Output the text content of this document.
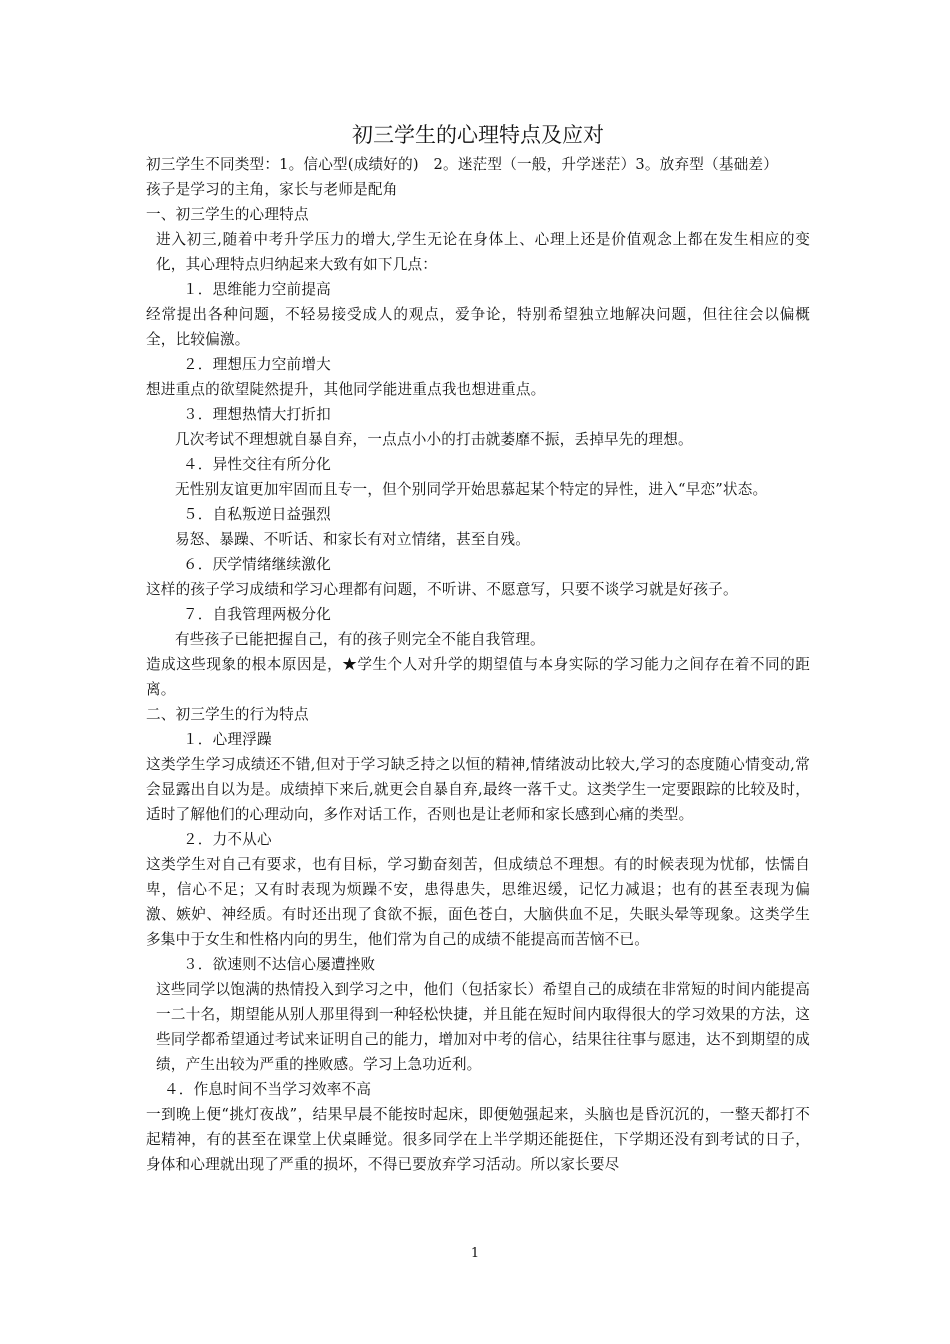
初三学生的心理特点及应对
初三学生不同类型：1。信心型(成绩好的)　2。迷茫型（一般，升学迷茫）3。放弃型（基础差）
孩子是学习的主角，家长与老师是配角
一、初三学生的心理特点
进入初三,随着中考升学压力的增大,学生无论在身体上、心理上还是价值观念上都在发生相应的变化，其心理特点归纳起来大致有如下几点：
１．思维能力空前提高
经常提出各种问题，不轻易接受成人的观点，爱争论，特别希望独立地解决问题，但往往会以偏概全，比较偏激。
２．理想压力空前增大
想进重点的欲望陡然提升，其他同学能进重点我也想进重点。
３．理想热情大打折扣
几次考试不理想就自暴自弃，一点点小小的打击就萎靡不振，丢掉早先的理想。
４．异性交往有所分化
无性别友谊更加牢固而且专一，但个别同学开始思慕起某个特定的异性，进入“早恋”状态。
５．自私叛逆日益强烈
易怒、暴躁、不听话、和家长有对立情绪，甚至自残。
６．厌学情绪继续激化
这样的孩子学习成绩和学习心理都有问题，不听讲、不愿意写，只要不谈学习就是好孩子。
７．自我管理两极分化
有些孩子已能把握自己，有的孩子则完全不能自我管理。
造成这些现象的根本原因是，★学生个人对升学的期望值与本身实际的学习能力之间存在着不同的距离。
二、初三学生的行为特点
１．心理浮躁
这类学生学习成绩还不错,但对于学习缺乏持之以恒的精神,情绪波动比较大,学习的态度随心情变动,常会显露出自以为是。成绩掉下来后,就更会自暴自弃,最终一落千丈。这类学生一定要跟踪的比较及时，适时了解他们的心理动向，多作对话工作，否则也是让老师和家长感到心痛的类型。
２．力不从心
这类学生对自己有要求，也有目标，学习勤奋刻苦，但成绩总不理想。有的时候表现为忧郁，怯懦自卑，信心不足；又有时表现为烦躁不安，患得患失，思维迟缓，记忆力减退；也有的甚至表现为偏激、嫉妒、神经质。有时还出现了食欲不振，面色苍白，大脑供血不足，失眠头晕等现象。这类学生多集中于女生和性格内向的男生，他们常为自己的成绩不能提高而苦恼不已。
３．欲速则不达信心屡遭挫败
这些同学以饱满的热情投入到学习之中，他们（包括家长）希望自己的成绩在非常短的时间内能提高一二十名，期望能从别人那里得到一种轻松快捷，并且能在短时间内取得很大的学习效果的方法，这些同学都希望通过考试来证明自己的能力，增加对中考的信心，结果往往事与愿违，达不到期望的成绩，产生出较为严重的挫败感。学习上急功近利。
４．作息时间不当学习效率不高
一到晚上便“挑灯夜战”，结果早晨不能按时起床，即便勉强起来，头脑也是昏沉沉的，一整天都打不起精神，有的甚至在课堂上伏桌睡觉。很多同学在上半学期还能挺住，下学期还没有到考试的日子，身体和心理就出现了严重的损坏，不得已要放弃学习活动。所以家长要尽
1
